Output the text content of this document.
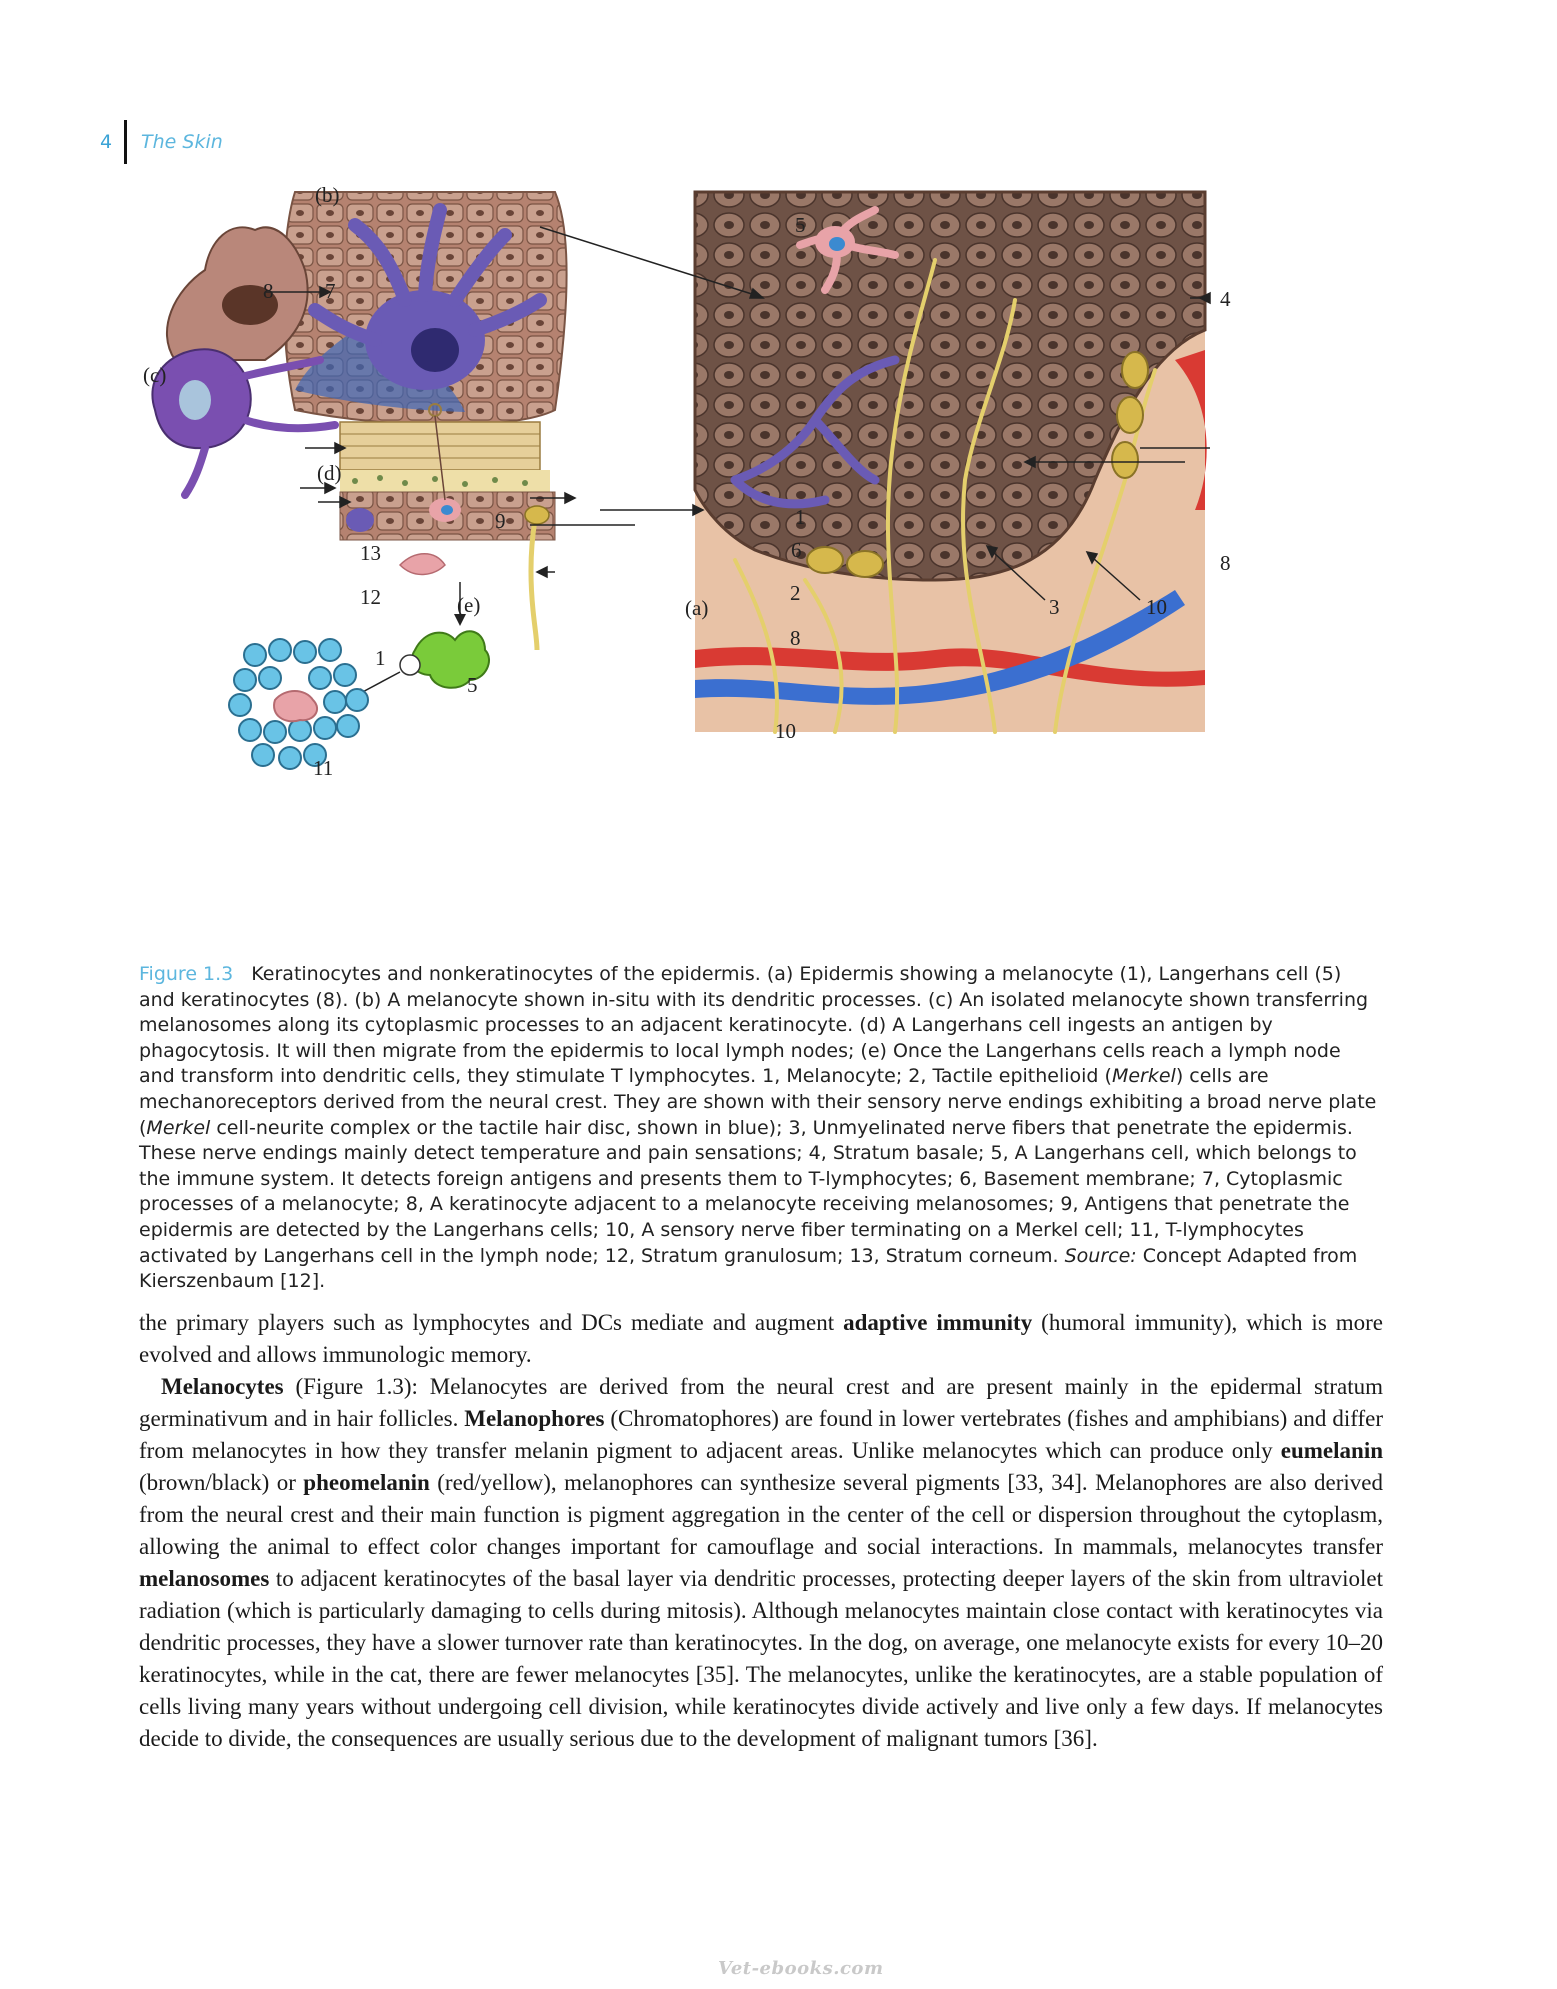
4	The Skin
(b)
(c)
(d)
(e)	(a)
8 7
1
5
4
6
8
3	10
9
13
12
1
5
2
8
10
11
Figure 1.3 Keratinocytes and nonkeratinocytes of the epidermis. (a) Epidermis showing a melanocyte (1), Langerhans cell (5) and keratinocytes (8). (b) A melanocyte shown in-situ with its dendritic processes. (c) An isolated melanocyte shown transferring melanosomes along its cytoplasmic processes to an adjacent keratinocyte. (d) A Langerhans cell ingests an antigen by phagocytosis. It will then migrate from the epidermis to local lymph nodes; (e) Once the Langerhans cells reach a lymph node and transform into dendritic cells, they stimulate T lymphocytes. 1, Melanocyte; 2, Tactile epithelioid (Merkel) cells are mechanoreceptors derived from the neural crest. They are shown with their sensory nerve endings exhibiting a broad nerve plate (Merkel cell-neurite complex or the tactile hair disc, shown in blue); 3, Unmyelinated nerve fibers that penetrate the epidermis. These nerve endings mainly detect temperature and pain sensations; 4, Stratum basale; 5, A Langerhans cell, which belongs to the immune system. It detects foreign antigens and presents them to T-lymphocytes; 6, Basement membrane; 7, Cytoplasmic processes of a melanocyte; 8, A keratinocyte adjacent to a melanocyte receiving melanosomes; 9, Antigens that penetrate the epidermis are detected by the Langerhans cells; 10, A sensory nerve fiber terminating on a Merkel cell; 11, T-lymphocytes activated by Langerhans cell in the lymph node; 12, Stratum granulosum; 13, Stratum corneum. Source: Concept Adapted from Kierszenbaum [12].

the primary players such as lymphocytes and DCs mediate and augment adaptive immunity (humoral immunity), which is more evolved and allows immunologic memory.

Melanocytes (Figure 1.3): Melanocytes are derived from the neural crest and are present mainly in the epidermal stratum germinativum and in hair follicles. Melanophores (Chromatophores) are found in lower vertebrates (fishes and amphibians) and differ from melanocytes in how they transfer melanin pigment to adjacent areas. Unlike melanocytes which can produce only eumelanin (brown/black) or pheomelanin (red/yellow), melanophores can synthesize several pigments [33, 34]. Melanophores are also derived from the neural crest and their main function is pigment aggregation in the center of the cell or dispersion throughout the cytoplasm, allowing the animal to effect color changes important for camouflage and social interactions. In mammals, melanocytes transfer melanosomes to adjacent keratinocytes of the basal layer via dendritic processes, protecting deeper layers of the skin from ultraviolet radiation (which is particularly damaging to cells during mitosis). Although melanocytes maintain close contact with keratinocytes via dendritic processes, they have a slower turnover rate than keratinocytes. In the dog, on average, one melanocyte exists for every 10–20 keratinocytes, while in the cat, there are fewer melanocytes [35]. The melanocytes, unlike the keratinocytes, are a stable population of cells living many years without undergoing cell division, while keratinocytes divide actively and live only a few days. If melanocytes decide to divide, the consequences are usually serious due to the development of malignant tumors [36].

Vet-ebooks.com
